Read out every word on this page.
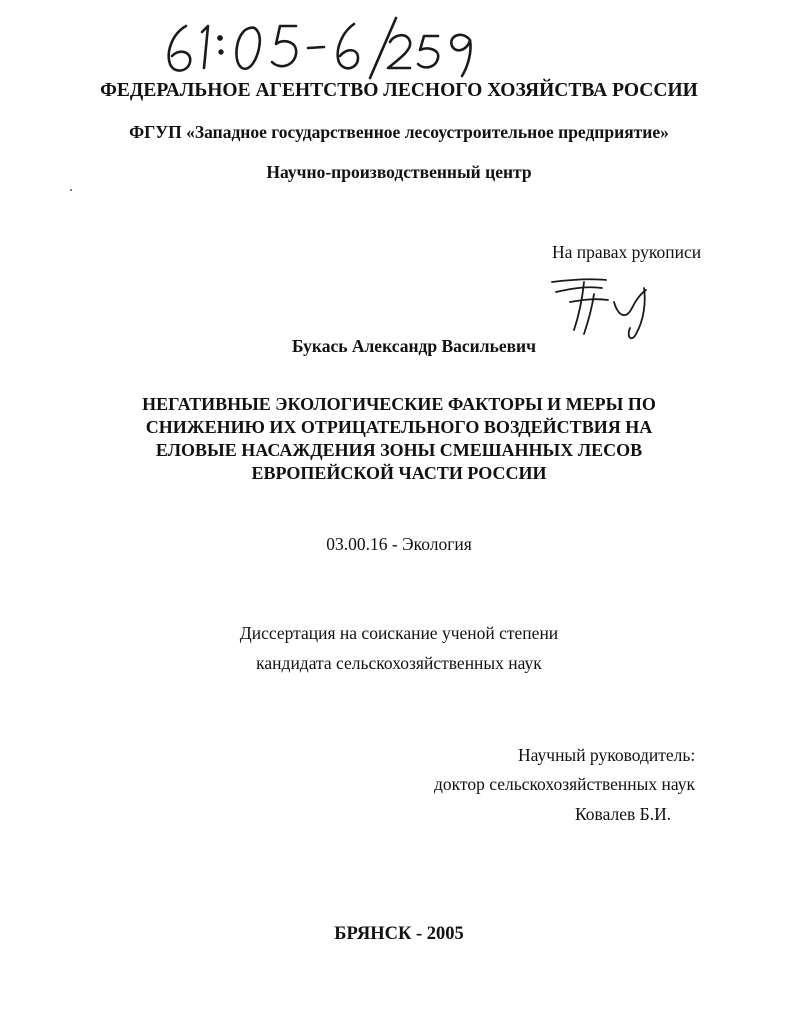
ФЕДЕРАЛЬНОЕ АГЕНТСТВО ЛЕСНОГО ХОЗЯЙСТВА РОССИИ
ФГУП «Западное государственное лесоустроительное предприятие»
Научно-производственный центр
На правах рукописи
Букась Александр Васильевич
НЕГАТИВНЫЕ ЭКОЛОГИЧЕСКИЕ ФАКТОРЫ И МЕРЫ ПО
СНИЖЕНИЮ ИХ ОТРИЦАТЕЛЬНОГО ВОЗДЕЙСТВИЯ НА
ЕЛОВЫЕ НАСАЖДЕНИЯ ЗОНЫ СМЕШАННЫХ ЛЕСОВ
ЕВРОПЕЙСКОЙ ЧАСТИ РОССИИ
03.00.16 - Экология
Диссертация на соискание ученой степени
кандидата сельскохозяйственных наук
Научный руководитель:
доктор сельскохозяйственных наук
Ковалев Б.И.
БРЯНСК - 2005
